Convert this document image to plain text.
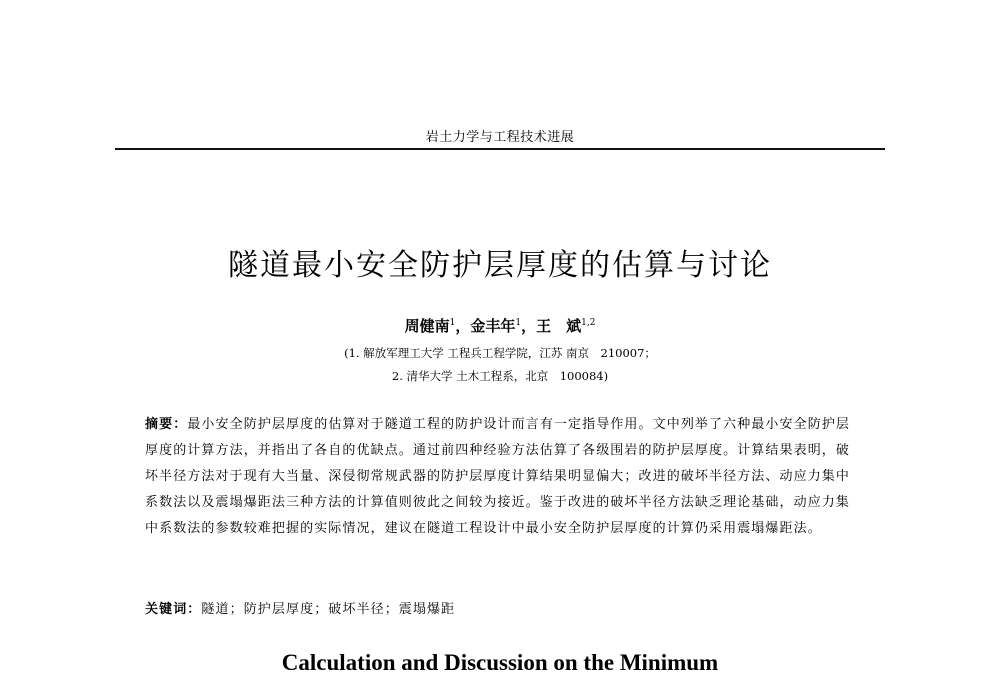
岩土力学与工程技术进展
隧道最小安全防护层厚度的估算与讨论
周健南$^1$，金丰年$^1$，王　斌$^{1,2}$
(1. 解放军理工大学 工程兵工程学院，江苏 南京　210007；
2. 清华大学 土木工程系，北京　100084)
摘要：最小安全防护层厚度的估算对于隧道工程的防护设计而言有一定指导作用。文中列举了六种最小安全防护层厚度的计算方法，并指出了各自的优缺点。通过前四种经验方法估算了各级围岩的防护层厚度。计算结果表明，破坏半径方法对于现有大当量、深侵彻常规武器的防护层厚度计算结果明显偏大；改进的破坏半径方法、动应力集中系数法以及震塌爆距法三种方法的计算值则彼此之间较为接近。鉴于改进的破坏半径方法缺乏理论基础，动应力集中系数法的参数较难把握的实际情况，建议在隧道工程设计中最小安全防护层厚度的计算仍采用震塌爆距法。
关键词：隧道；防护层厚度；破坏半径；震塌爆距
Calculation and Discussion on the Minimum
